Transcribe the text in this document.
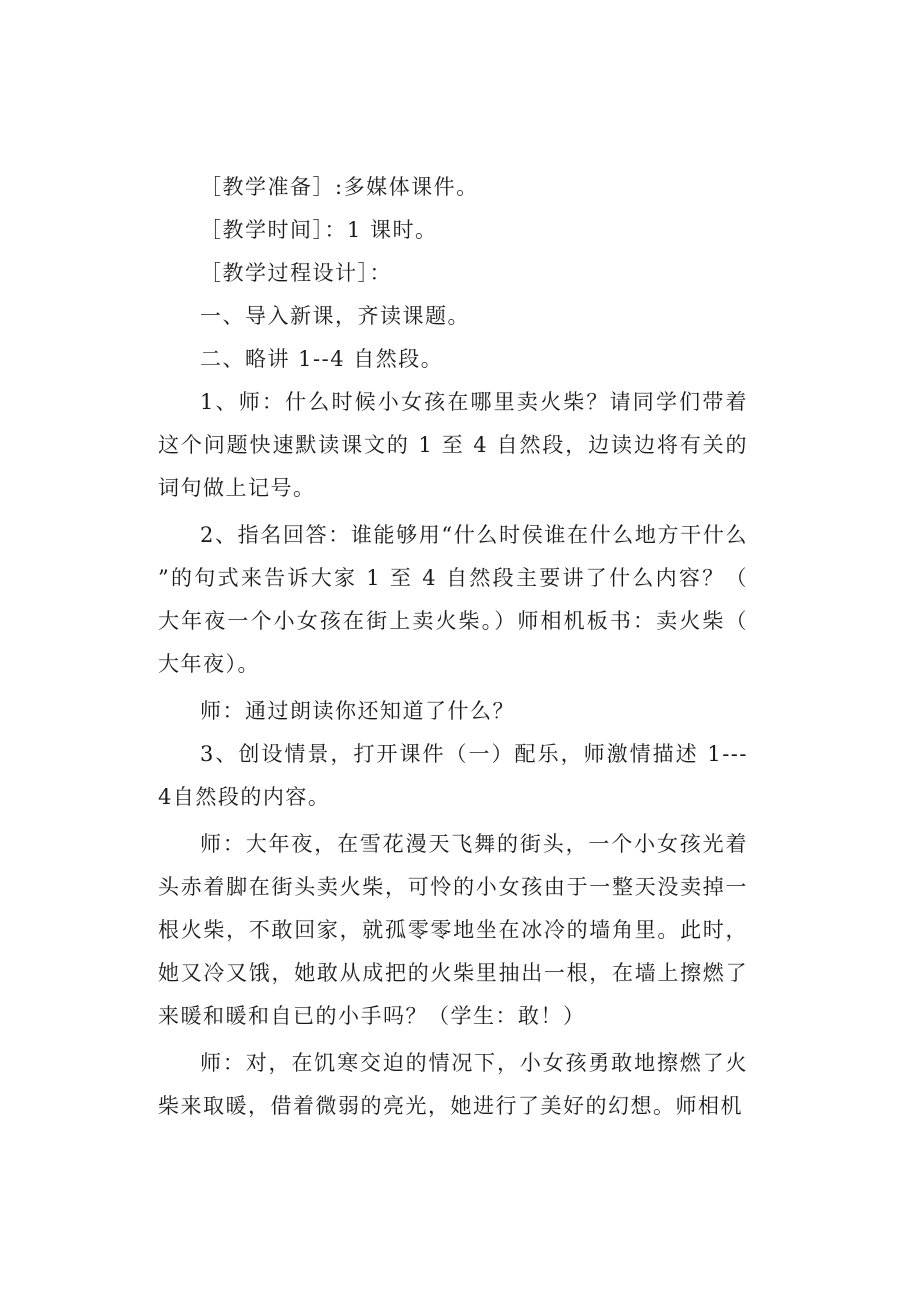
［教学准备］:多媒体课件。

［教学时间］：1 课时。

［教学过程设计］：

一、导入新课，齐读课题。

二、略讲 1--4 自然段。

1、师：什么时候小女孩在哪里卖火柴？请同学们带着这个问题快速默读课文的 1 至 4 自然段，边读边将有关的词句做上记号。

2、指名回答：谁能够用“什么时侯谁在什么地方干什么”的句式来告诉大家 1 至 4 自然段主要讲了什么内容？（大年夜一个小女孩在街上卖火柴。）师相机板书：卖火柴（大年夜）。

师：通过朗读你还知道了什么？

3、创设情景，打开课件（一）配乐，师激情描述 1---4自然段的内容。

师：大年夜，在雪花漫天飞舞的街头，一个小女孩光着头赤着脚在街头卖火柴，可怜的小女孩由于一整天没卖掉一根火柴，不敢回家，就孤零零地坐在冰冷的墙角里。此时，她又冷又饿，她敢从成把的火柴里抽出一根，在墙上擦燃了来暖和暖和自已的小手吗？（学生：敢！）

师：对，在饥寒交迫的情况下，小女孩勇敢地擦燃了火柴来取暖，借着微弱的亮光，她进行了美好的幻想。师相机
